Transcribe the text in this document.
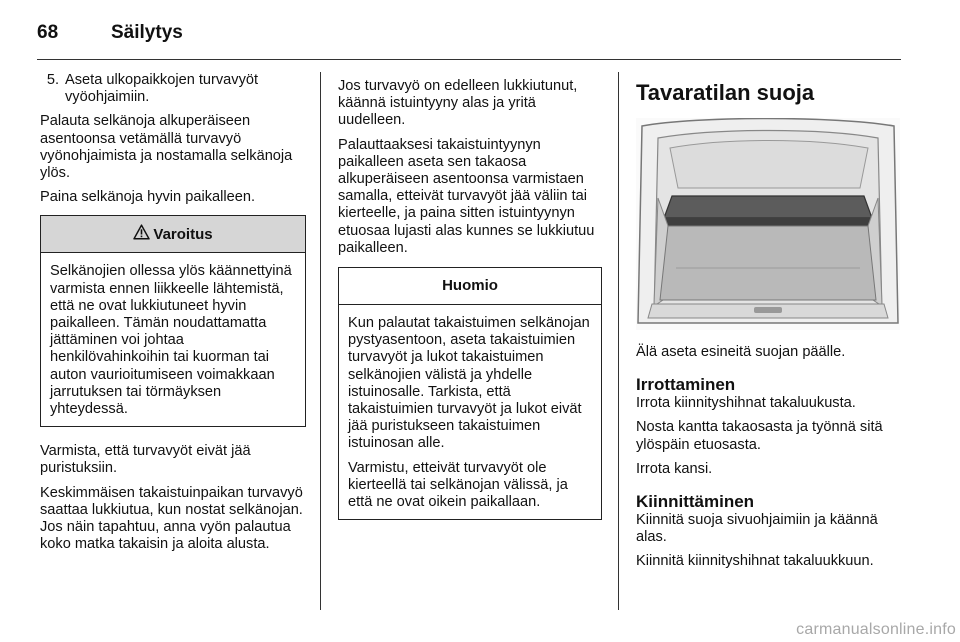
68	Säilytys
5. Aseta ulkopaikkojen turvavyöt vyöohjaimiin.

Palauta selkänoja alkuperäiseen asentoonsa vetämällä turvavyö vyönohjaimista ja nostamalla selkänoja ylös.

Paina selkänoja hyvin paikalleen.

Varoitus

Selkänojien ollessa ylös käännettyinä varmista ennen liikkeelle lähtemistä, että ne ovat lukkiutuneet hyvin paikalleen. Tämän noudattamatta jättäminen voi johtaa henkilövahinkoihin tai kuorman tai auton vaurioitumiseen voimakkaan jarrutuksen tai törmäyksen yhteydessä.

Varmista, että turvavyöt eivät jää puristuksiin.

Keskimmäisen takaistuinpaikan turvavyö saattaa lukkiutua, kun nostat selkänojan. Jos näin tapahtuu, anna vyön palautua koko matka takaisin ja aloita alusta.

Jos turvavyö on edelleen lukkiutunut, käännä istuintyyny alas ja yritä uudelleen.

Palauttaaksesi takaistuintyynyn paikalleen aseta sen takaosa alkuperäiseen asentoonsa varmistaen samalla, etteivät turvavyöt jää väliin tai kierteelle, ja paina sitten istuintyynyn etuosaa lujasti alas kunnes se lukkiutuu paikalleen.

Huomio

Kun palautat takaistuimen selkänojan pystyasentoon, aseta takaistuimien turvavyöt ja lukot takaistuimen selkänojien välistä ja yhdelle istuinosalle. Tarkista, että takaistuimien turvavyöt ja lukot eivät jää puristukseen takaistuimen istuinosan alle.

Varmistu, etteivät turvavyöt ole kierteellä tai selkänojan välissä, ja että ne ovat oikein paikallaan.

Tavaratilan suoja

Älä aseta esineitä suojan päälle.

Irrottaminen

Irrota kiinnityshihnat takaluukusta.

Nosta kantta takaosasta ja työnnä sitä ylöspäin etuosasta.

Irrota kansi.

Kiinnittäminen

Kiinnitä suoja sivuohjaimiin ja käännä alas.

Kiinnitä kiinnityshihnat takaluukkuun.

carmanualsonline.info
